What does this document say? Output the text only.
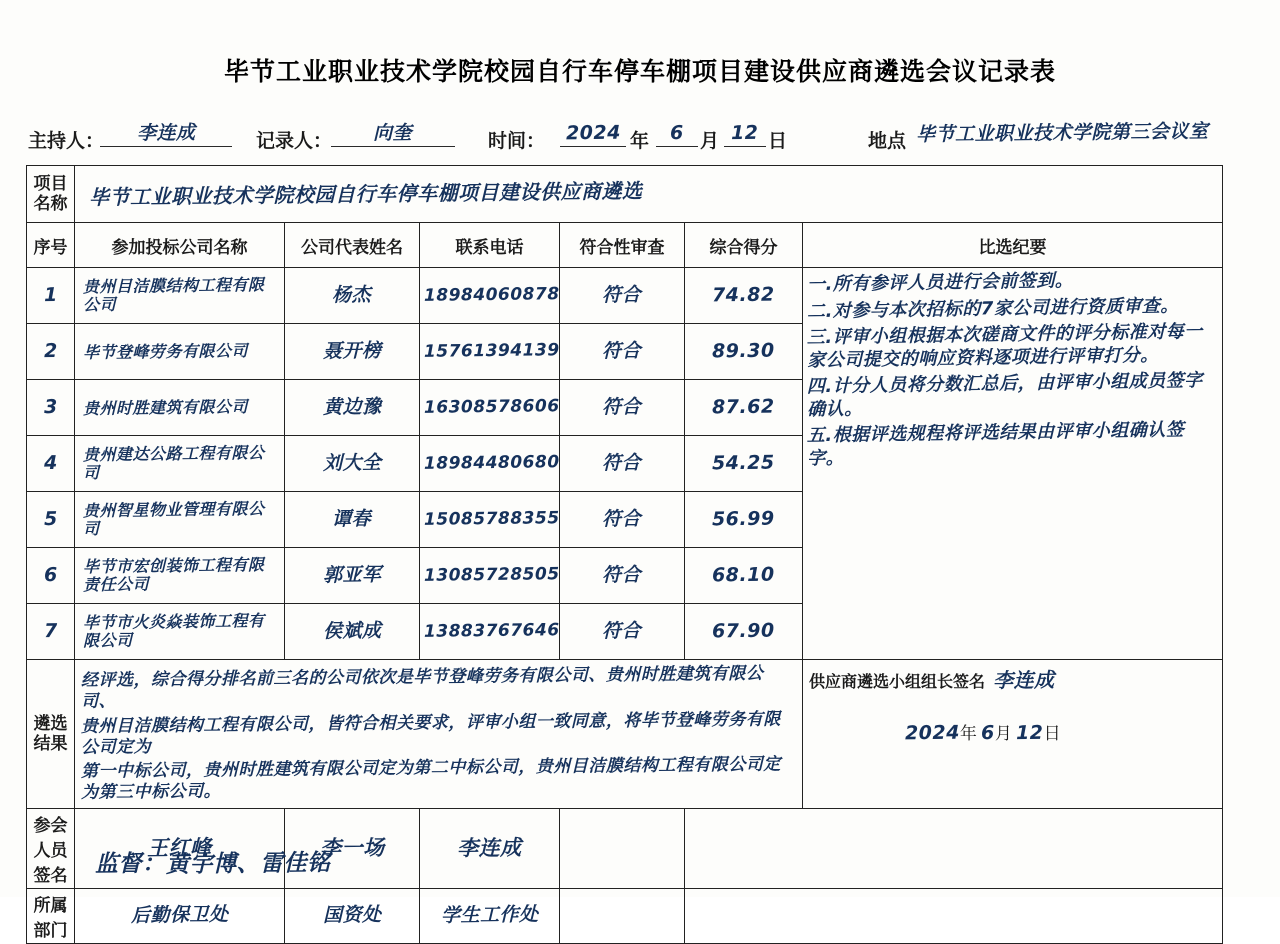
毕节工业职业技术学院校园自行车停车棚项目建设供应商遴选会议记录表
主持人：	李连成	记录人：	向奎	时间： 2024 年	6 月 12 日	地点 毕节工业职业技术学院第三会议室
项目名称	毕节工业职业技术学院校园自行车停车棚项目建设供应商遴选					
序号	参加投标公司名称	公司代表姓名	联系电话	符合性审查	综合得分	比选纪要
1	贵州目洁膜结构工程有限公司	杨杰	18984060878	符合	74.82	一.所有参评人员进行会前签到。
二.对参与本次招标的7家公司进行资质审查。
三.评审小组根据本次磋商文件的评分标准对每一家公司提交的响应资料逐项进行评审打分。
四.计分人员将分数汇总后，由评审小组成员签字确认。
五.根据评选规程将评选结果由评审小组确认签字。

2	毕节登峰劳务有限公司	聂开榜	15761394139	符合	89.30	
3	贵州时胜建筑有限公司	黄边豫	16308578606	符合	87.62	
4	贵州建达公路工程有限公司	刘大全	18984480680	符合	54.25	
5	贵州智星物业管理有限公司	谭春	15085788355	符合	56.99	
6	毕节市宏创装饰工程有限责任公司	郭亚军	13085728505	符合	68.10	
7	毕节市火炎焱装饰工程有限公司	侯斌成	13883767646	符合	67.90	
遴选结果	经评选，综合得分排名前三名的公司依次是毕节登峰劳务有限公司、贵州时胜建筑有限公司、
贵州目洁膜结构工程有限公司，皆符合相关要求，评审小组一致同意，将毕节登峰劳务有限公司定为
第一中标公司，贵州时胜建筑有限公司定为第二中标公司，贵州目洁膜结构工程有限公司定为第三中标公司。					供应商遴选小组组长签名 李连成
2024年 6月 12日

参会人员签名	王红峰	李一场	李连成			
所属部门	后勤保卫处	国资处	学生工作处			
监督：黄宇博、雷佳铭
